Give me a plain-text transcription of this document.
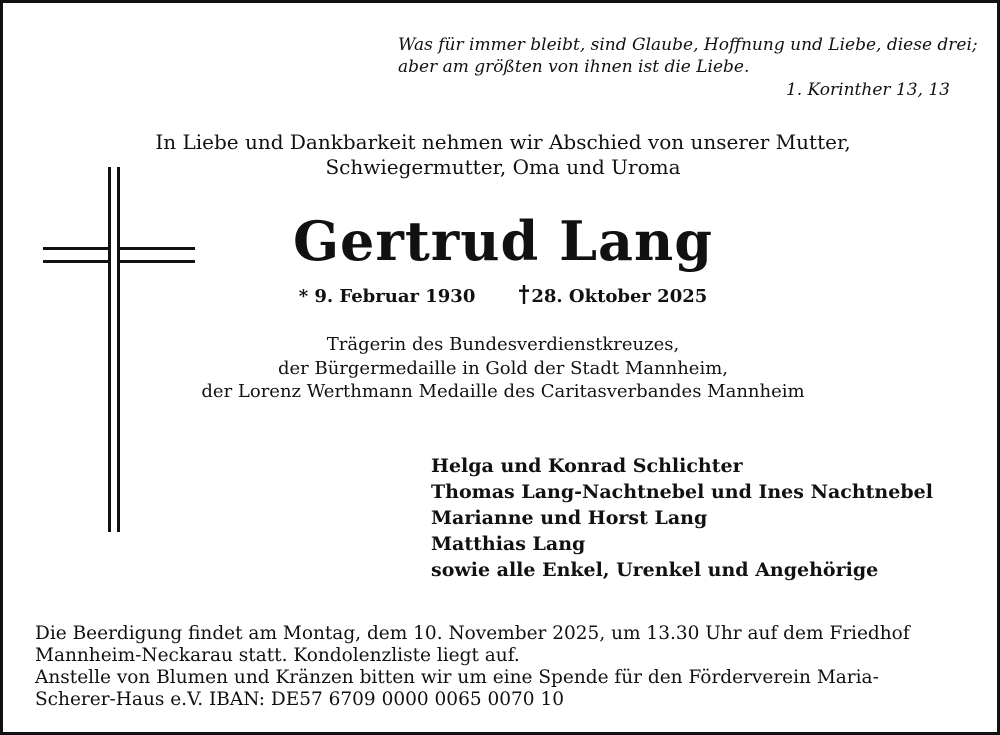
Was für immer bleibt, sind Glaube, Hoffnung und Liebe, diese drei;
aber am größten von ihnen ist die Liebe.
1. Korinther 13, 13
In Liebe und Dankbarkeit nehmen wir Abschied von unserer Mutter,
Schwiegermutter, Oma und Uroma
Gertrud Lang
* 9. Februar 1930	28. Oktober 2025
Trägerin des Bundesverdienstkreuzes,
der Bürgermedaille in Gold der Stadt Mannheim,
der Lorenz Werthmann Medaille des Caritasverbandes Mannheim
Helga und Konrad Schlichter
Thomas Lang-Nachtnebel und Ines Nachtnebel
Marianne und Horst Lang
Matthias Lang
sowie alle Enkel, Urenkel und Angehörige
Die Beerdigung findet am Montag, dem 10. November 2025, um 13.30 Uhr auf dem Friedhof
Mannheim-Neckarau statt. Kondolenzliste liegt auf.
Anstelle von Blumen und Kränzen bitten wir um eine Spende für den Förderverein Maria-
Scherer-Haus e.V. IBAN: DE57 6709 0000 0065 0070 10
